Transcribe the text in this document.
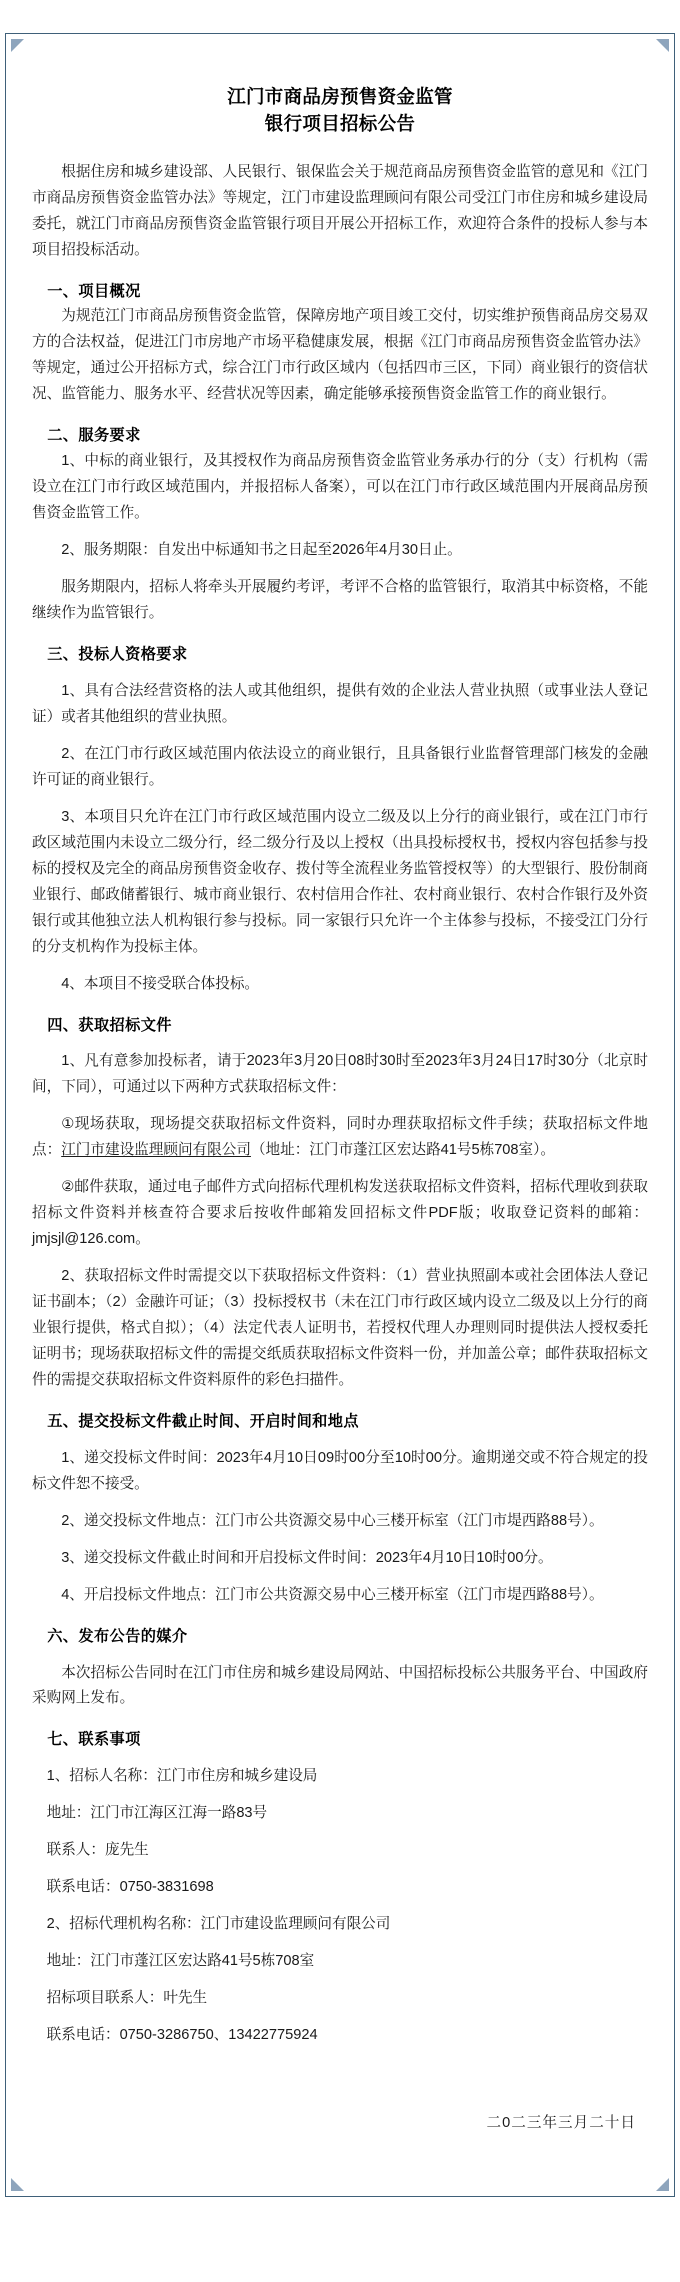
江门市商品房预售资金监管
银行项目招标公告

根据住房和城乡建设部、人民银行、银保监会关于规范商品房预售资金监管的意见和《江门市商品房预售资金监管办法》等规定，江门市建设监理顾问有限公司受江门市住房和城乡建设局委托，就江门市商品房预售资金监管银行项目开展公开招标工作，欢迎符合条件的投标人参与本项目招投标活动。

一、项目概况

为规范江门市商品房预售资金监管，保障房地产项目竣工交付，切实维护预售商品房交易双方的合法权益，促进江门市房地产市场平稳健康发展，根据《江门市商品房预售资金监管办法》等规定，通过公开招标方式，综合江门市行政区域内（包括四市三区，下同）商业银行的资信状况、监管能力、服务水平、经营状况等因素，确定能够承接预售资金监管工作的商业银行。

二、服务要求

1、中标的商业银行，及其授权作为商品房预售资金监管业务承办行的分（支）行机构（需设立在江门市行政区域范围内，并报招标人备案），可以在江门市行政区域范围内开展商品房预售资金监管工作。

2、服务期限：自发出中标通知书之日起至2026年4月30日止。

服务期限内，招标人将牵头开展履约考评，考评不合格的监管银行，取消其中标资格，不能继续作为监管银行。

三、投标人资格要求

1、具有合法经营资格的法人或其他组织，提供有效的企业法人营业执照（或事业法人登记证）或者其他组织的营业执照。

2、在江门市行政区域范围内依法设立的商业银行，且具备银行业监督管理部门核发的金融许可证的商业银行。

3、本项目只允许在江门市行政区域范围内设立二级及以上分行的商业银行，或在江门市行政区域范围内未设立二级分行，经二级分行及以上授权（出具投标授权书，授权内容包括参与投标的授权及完全的商品房预售资金收存、拨付等全流程业务监管授权等）的大型银行、股份制商业银行、邮政储蓄银行、城市商业银行、农村信用合作社、农村商业银行、农村合作银行及外资银行或其他独立法人机构银行参与投标。同一家银行只允许一个主体参与投标，不接受江门分行的分支机构作为投标主体。

4、本项目不接受联合体投标。

四、获取招标文件

1、凡有意参加投标者，请于2023年3月20日08时30时至2023年3月24日17时30分（北京时间，下同），可通过以下两种方式获取招标文件：

①现场获取，现场提交获取招标文件资料，同时办理获取招标文件手续；获取招标文件地点：江门市建设监理顾问有限公司（地址：江门市蓬江区宏达路41号5栋708室）。

②邮件获取，通过电子邮件方式向招标代理机构发送获取招标文件资料，招标代理收到获取招标文件资料并核查符合要求后按收件邮箱发回招标文件PDF版；收取登记资料的邮箱：jmjsjl@126.com。

2、获取招标文件时需提交以下获取招标文件资料：（1）营业执照副本或社会团体法人登记证书副本；（2）金融许可证；（3）投标授权书（未在江门市行政区域内设立二级及以上分行的商业银行提供，格式自拟）；（4）法定代表人证明书，若授权代理人办理则同时提供法人授权委托证明书；现场获取招标文件的需提交纸质获取招标文件资料一份，并加盖公章；邮件获取招标文件的需提交获取招标文件资料原件的彩色扫描件。

五、提交投标文件截止时间、开启时间和地点

1、递交投标文件时间：2023年4月10日09时00分至10时00分。逾期递交或不符合规定的投标文件恕不接受。

2、递交投标文件地点：江门市公共资源交易中心三楼开标室（江门市堤西路88号）。

3、递交投标文件截止时间和开启投标文件时间：2023年4月10日10时00分。

4、开启投标文件地点：江门市公共资源交易中心三楼开标室（江门市堤西路88号）。

六、发布公告的媒介

本次招标公告同时在江门市住房和城乡建设局网站、中国招标投标公共服务平台、中国政府采购网上发布。

七、联系事项

1、招标人名称：江门市住房和城乡建设局

地址：江门市江海区江海一路83号

联系人：庞先生

联系电话：0750-3831698

2、招标代理机构名称：江门市建设监理顾问有限公司

地址：江门市蓬江区宏达路41号5栋708室

招标项目联系人：叶先生

联系电话：0750-3286750、13422775924

二0二三年三月二十日
